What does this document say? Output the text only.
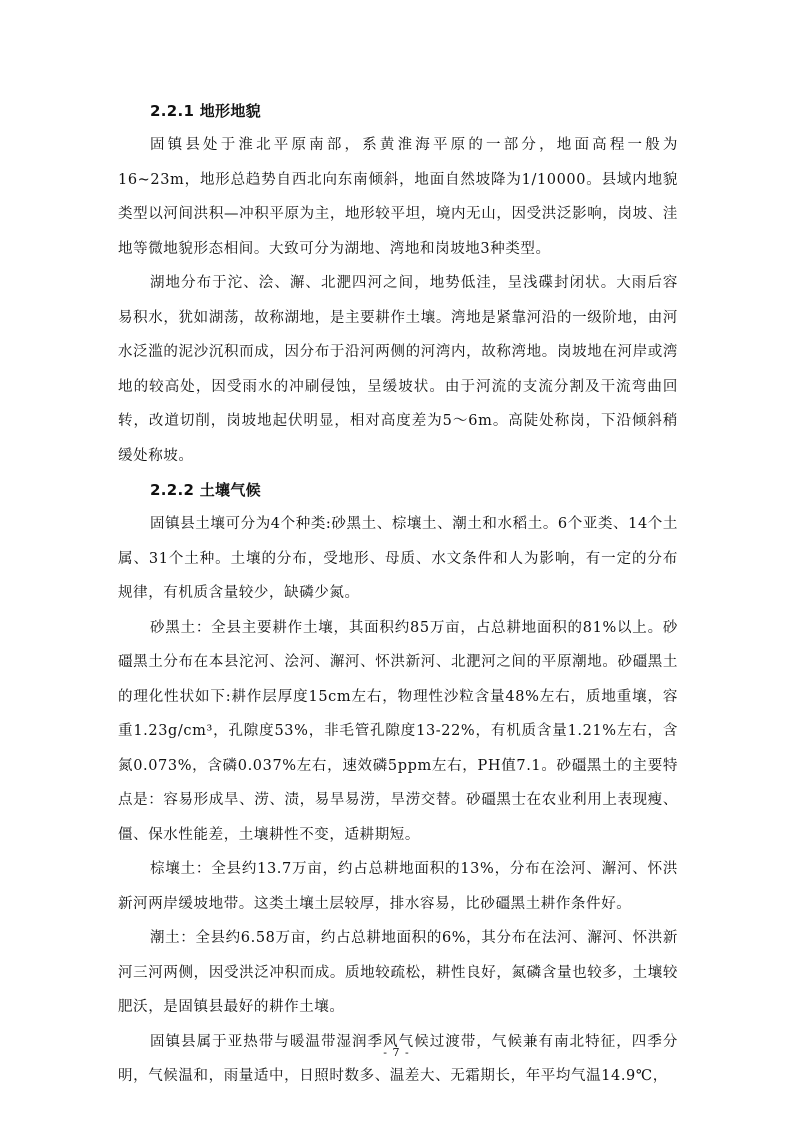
2.2.1 地形地貌

固镇县处于淮北平原南部，系黄淮海平原的一部分，地面高程一般为16~23m，地形总趋势自西北向东南倾斜，地面自然坡降为1/10000。县域内地貌类型以河间洪积—冲积平原为主，地形较平坦，境内无山，因受洪泛影响，岗坡、洼地等微地貌形态相间。大致可分为湖地、湾地和岗坡地3种类型。

湖地分布于沱、浍、澥、北淝四河之间，地势低洼，呈浅碟封闭状。大雨后容易积水，犹如湖荡，故称湖地，是主要耕作土壤。湾地是紧靠河沿的一级阶地，由河水泛滥的泥沙沉积而成，因分布于沿河两侧的河湾内，故称湾地。岗坡地在河岸或湾地的较高处，因受雨水的冲刷侵蚀，呈缓坡状。由于河流的支流分割及干流弯曲回转，改道切削，岗坡地起伏明显，相对高度差为5～6m。高陡处称岗，下沿倾斜稍缓处称坡。

2.2.2 土壤气候

固镇县土壤可分为4个种类:砂黑土、棕壤土、潮土和水稻土。6个亚类、14个土属、31个土种。土壤的分布，受地形、母质、水文条件和人为影响，有一定的分布规律，有机质含量较少，缺磷少氮。

砂黑土：全县主要耕作土壤，其面积约85万亩，占总耕地面积的81%以上。砂礓黑土分布在本县沱河、浍河、澥河、怀洪新河、北淝河之间的平原潮地。砂礓黑土的理化性状如下:耕作层厚度15cm左右，物理性沙粒含量48%左右，质地重壤，容重1.23g/cm³，孔隙度53%，非毛管孔隙度13-22%，有机质含量1.21%左右，含氮0.073%，含磷0.037%左右，速效磷5ppm左右，PH值7.1。砂礓黑土的主要特点是：容易形成旱、涝、渍，易旱易涝，旱涝交替。砂礓黑士在农业利用上表现瘦、僵、保水性能差，土壤耕性不变，适耕期短。

棕壤土：全县约13.7万亩，约占总耕地面积的13%，分布在浍河、澥河、怀洪新河两岸缓坡地带。这类土壤土层较厚，排水容易，比砂礓黑土耕作条件好。

潮土：全县约6.58万亩，约占总耕地面积的6%，其分布在法河、澥河、怀洪新河三河两侧，因受洪泛冲积而成。质地较疏松，耕性良好，氮磷含量也较多，土壤较肥沃，是固镇县最好的耕作土壤。

固镇县属于亚热带与暖温带湿润季风气候过渡带，气候兼有南北特征，四季分明，气候温和，雨量适中，日照时数多、温差大、无霜期长，年平均气温14.9℃，

- 7 -
